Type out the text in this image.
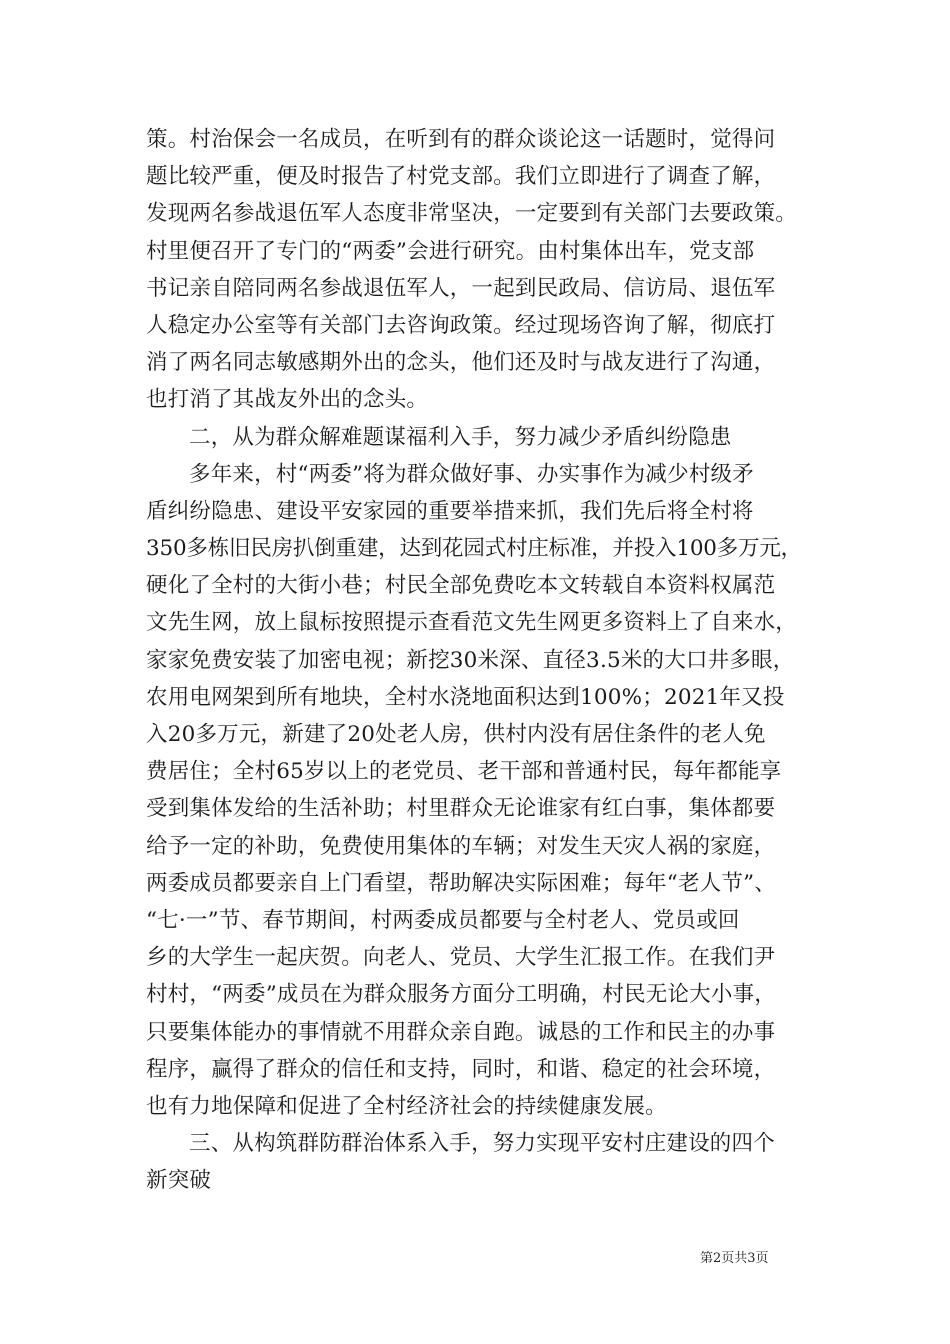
策。村治保会一名成员，在听到有的群众谈论这一话题时，觉得问
题比较严重，便及时报告了村党支部。我们立即进行了调查了解，
发现两名参战退伍军人态度非常坚决，一定要到有关部门去要政策。
村里便召开了专门的“两委”会进行研究。由村集体出车，党支部
书记亲自陪同两名参战退伍军人，一起到民政局、信访局、退伍军
人稳定办公室等有关部门去咨询政策。经过现场咨询了解，彻底打
消了两名同志敏感期外出的念头，他们还及时与战友进行了沟通，
也打消了其战友外出的念头。
二，从为群众解难题谋福利入手，努力减少矛盾纠纷隐患
多年来，村“两委”将为群众做好事、办实事作为减少村级矛
盾纠纷隐患、建设平安家园的重要举措来抓，我们先后将全村将
350多栋旧民房扒倒重建，达到花园式村庄标准，并投入100多万元，
硬化了全村的大街小巷；村民全部免费吃本文转载自本资料权属范
文先生网，放上鼠标按照提示查看范文先生网更多资料上了自来水，
家家免费安装了加密电视；新挖30米深、直径3.5米的大口井多眼，
农用电网架到所有地块，全村水浇地面积达到100%；2021年又投
入20多万元，新建了20处老人房，供村内没有居住条件的老人免
费居住；全村65岁以上的老党员、老干部和普通村民，每年都能享
受到集体发给的生活补助；村里群众无论谁家有红白事，集体都要
给予一定的补助，免费使用集体的车辆；对发生天灾人祸的家庭，
两委成员都要亲自上门看望，帮助解决实际困难；每年“老人节”、
“七·一”节、春节期间，村两委成员都要与全村老人、党员或回
乡的大学生一起庆贺。向老人、党员、大学生汇报工作。在我们尹
村村，“两委”成员在为群众服务方面分工明确，村民无论大小事，
只要集体能办的事情就不用群众亲自跑。诚恳的工作和民主的办事
程序，赢得了群众的信任和支持，同时，和谐、稳定的社会环境，
也有力地保障和促进了全村经济社会的持续健康发展。
三、从构筑群防群治体系入手，努力实现平安村庄建设的四个
新突破
第2页共3页
